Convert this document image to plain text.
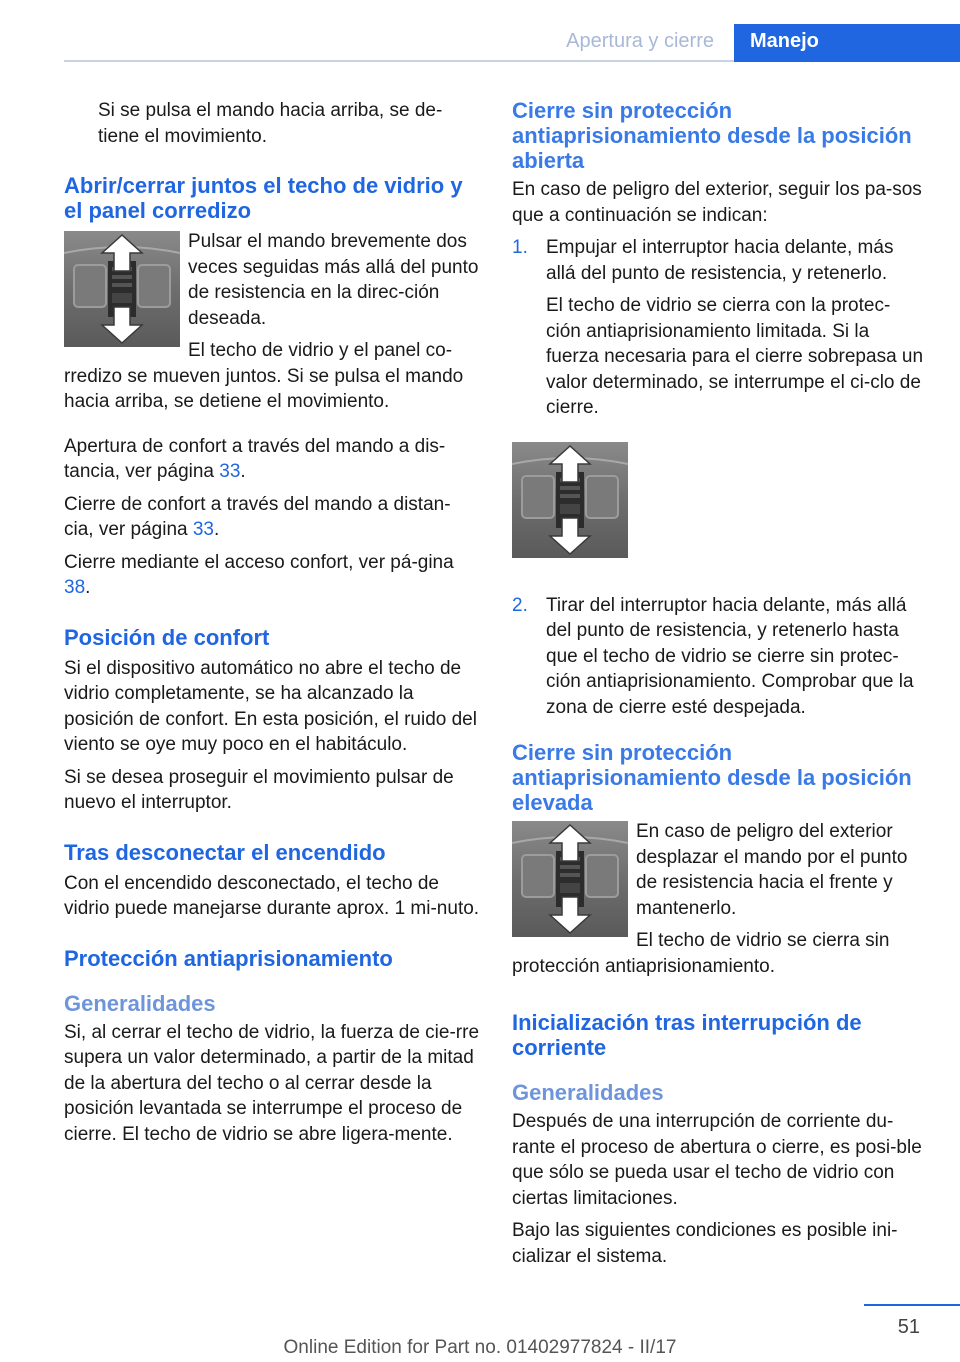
Apertura y cierre	Manejo

Si se pulsa el mando hacia arriba, se de-tiene el movimiento.

Abrir/cerrar juntos el techo de vidrio y el panel corredizo

Pulsar el mando brevemente dos veces seguidas más allá del punto de resistencia en la direc-ción deseada.

El techo de vidrio y el panel co-rredizo se mueven juntos. Si se pulsa el mando hacia arriba, se detiene el movimiento.

Apertura de confort a través del mando a dis-tancia, ver página 33.

Cierre de confort a través del mando a distan-cia, ver página 33.

Cierre mediante el acceso confort, ver pá-gina 38.

Posición de confort

Si el dispositivo automático no abre el techo de vidrio completamente, se ha alcanzado la posición de confort. En esta posición, el ruido del viento se oye muy poco en el habitáculo.

Si se desea proseguir el movimiento pulsar de nuevo el interruptor.

Tras desconectar el encendido

Con el encendido desconectado, el techo de vidrio puede manejarse durante aprox. 1 mi-nuto.

Protección antiaprisionamiento
Generalidades

Si, al cerrar el techo de vidrio, la fuerza de cie-rre supera un valor determinado, a partir de la mitad de la abertura del techo o al cerrar desde la posición levantada se interrumpe el proceso de cierre. El techo de vidrio se abre ligera-mente.

Cierre sin protección antiaprisionamiento desde la posición abierta

En caso de peligro del exterior, seguir los pa-sos que a continuación se indican:

1. Empujar el interruptor hacia delante, más allá del punto de resistencia, y retenerlo.

El techo de vidrio se cierra con la protec-ción antiaprisionamiento limitada. Si la fuerza necesaria para el cierre sobrepasa un valor determinado, se interrumpe el ci-clo de cierre.

2. Tirar del interruptor hacia delante, más allá del punto de resistencia, y retenerlo hasta que el techo de vidrio se cierre sin protec-ción antiaprisionamiento. Comprobar que la zona de cierre esté despejada.

Cierre sin protección antiaprisionamiento desde la posición elevada

En caso de peligro del exterior desplazar el mando por el punto de resistencia hacia el frente y mantenerlo.

El techo de vidrio se cierra sin protección antiaprisionamiento.

Inicialización tras interrupción de corriente
Generalidades

Después de una interrupción de corriente du-rante el proceso de abertura o cierre, es posi-ble que sólo se pueda usar el techo de vidrio con ciertas limitaciones.

Bajo las siguientes condiciones es posible ini-cializar el sistema.

51
Online Edition for Part no. 01402977824 - II/17
